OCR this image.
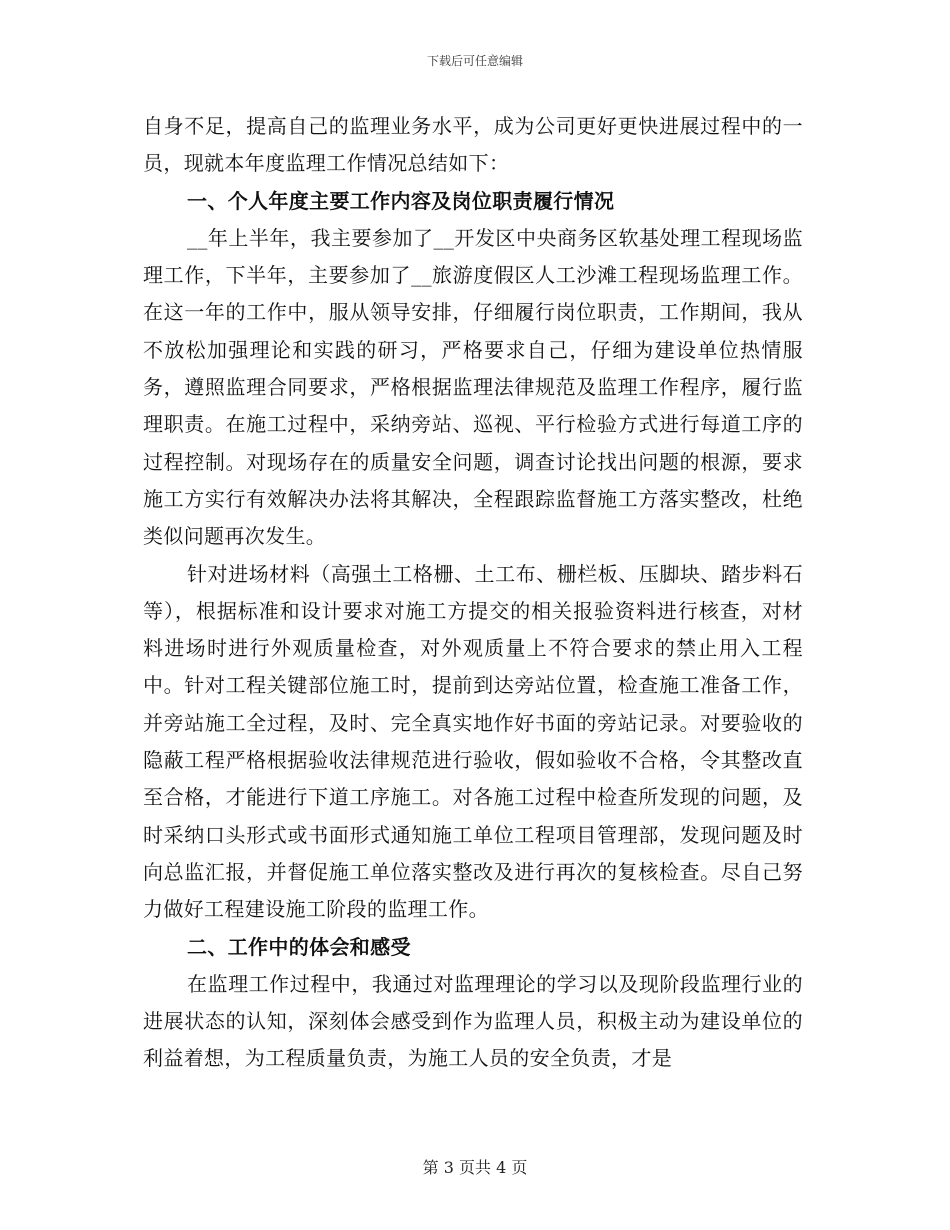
下载后可任意编辑

自身不足，提高自己的监理业务水平，成为公司更好更快进展过程中的一员，现就本年度监理工作情况总结如下：

一、个人年度主要工作内容及岗位职责履行情况

__年上半年，我主要参加了__开发区中央商务区软基处理工程现场监理工作，下半年，主要参加了__旅游度假区人工沙滩工程现场监理工作。在这一年的工作中，服从领导安排，仔细履行岗位职责，工作期间，我从不放松加强理论和实践的研习，严格要求自己，仔细为建设单位热情服务，遵照监理合同要求，严格根据监理法律规范及监理工作程序，履行监理职责。在施工过程中，采纳旁站、巡视、平行检验方式进行每道工序的过程控制。对现场存在的质量安全问题，调查讨论找出问题的根源，要求施工方实行有效解决办法将其解决，全程跟踪监督施工方落实整改，杜绝类似问题再次发生。

针对进场材料（高强土工格栅、土工布、栅栏板、压脚块、踏步料石等），根据标准和设计要求对施工方提交的相关报验资料进行核查，对材料进场时进行外观质量检查，对外观质量上不符合要求的禁止用入工程中。针对工程关键部位施工时，提前到达旁站位置，检查施工准备工作，并旁站施工全过程，及时、完全真实地作好书面的旁站记录。对要验收的隐蔽工程严格根据验收法律规范进行验收，假如验收不合格，令其整改直至合格，才能进行下道工序施工。对各施工过程中检查所发现的问题，及时采纳口头形式或书面形式通知施工单位工程项目管理部，发现问题及时向总监汇报，并督促施工单位落实整改及进行再次的复核检查。尽自己努力做好工程建设施工阶段的监理工作。

二、工作中的体会和感受

在监理工作过程中，我通过对监理理论的学习以及现阶段监理行业的进展状态的认知，深刻体会感受到作为监理人员，积极主动为建设单位的利益着想，为工程质量负责，为施工人员的安全负责，才是

第 3 页共 4 页
